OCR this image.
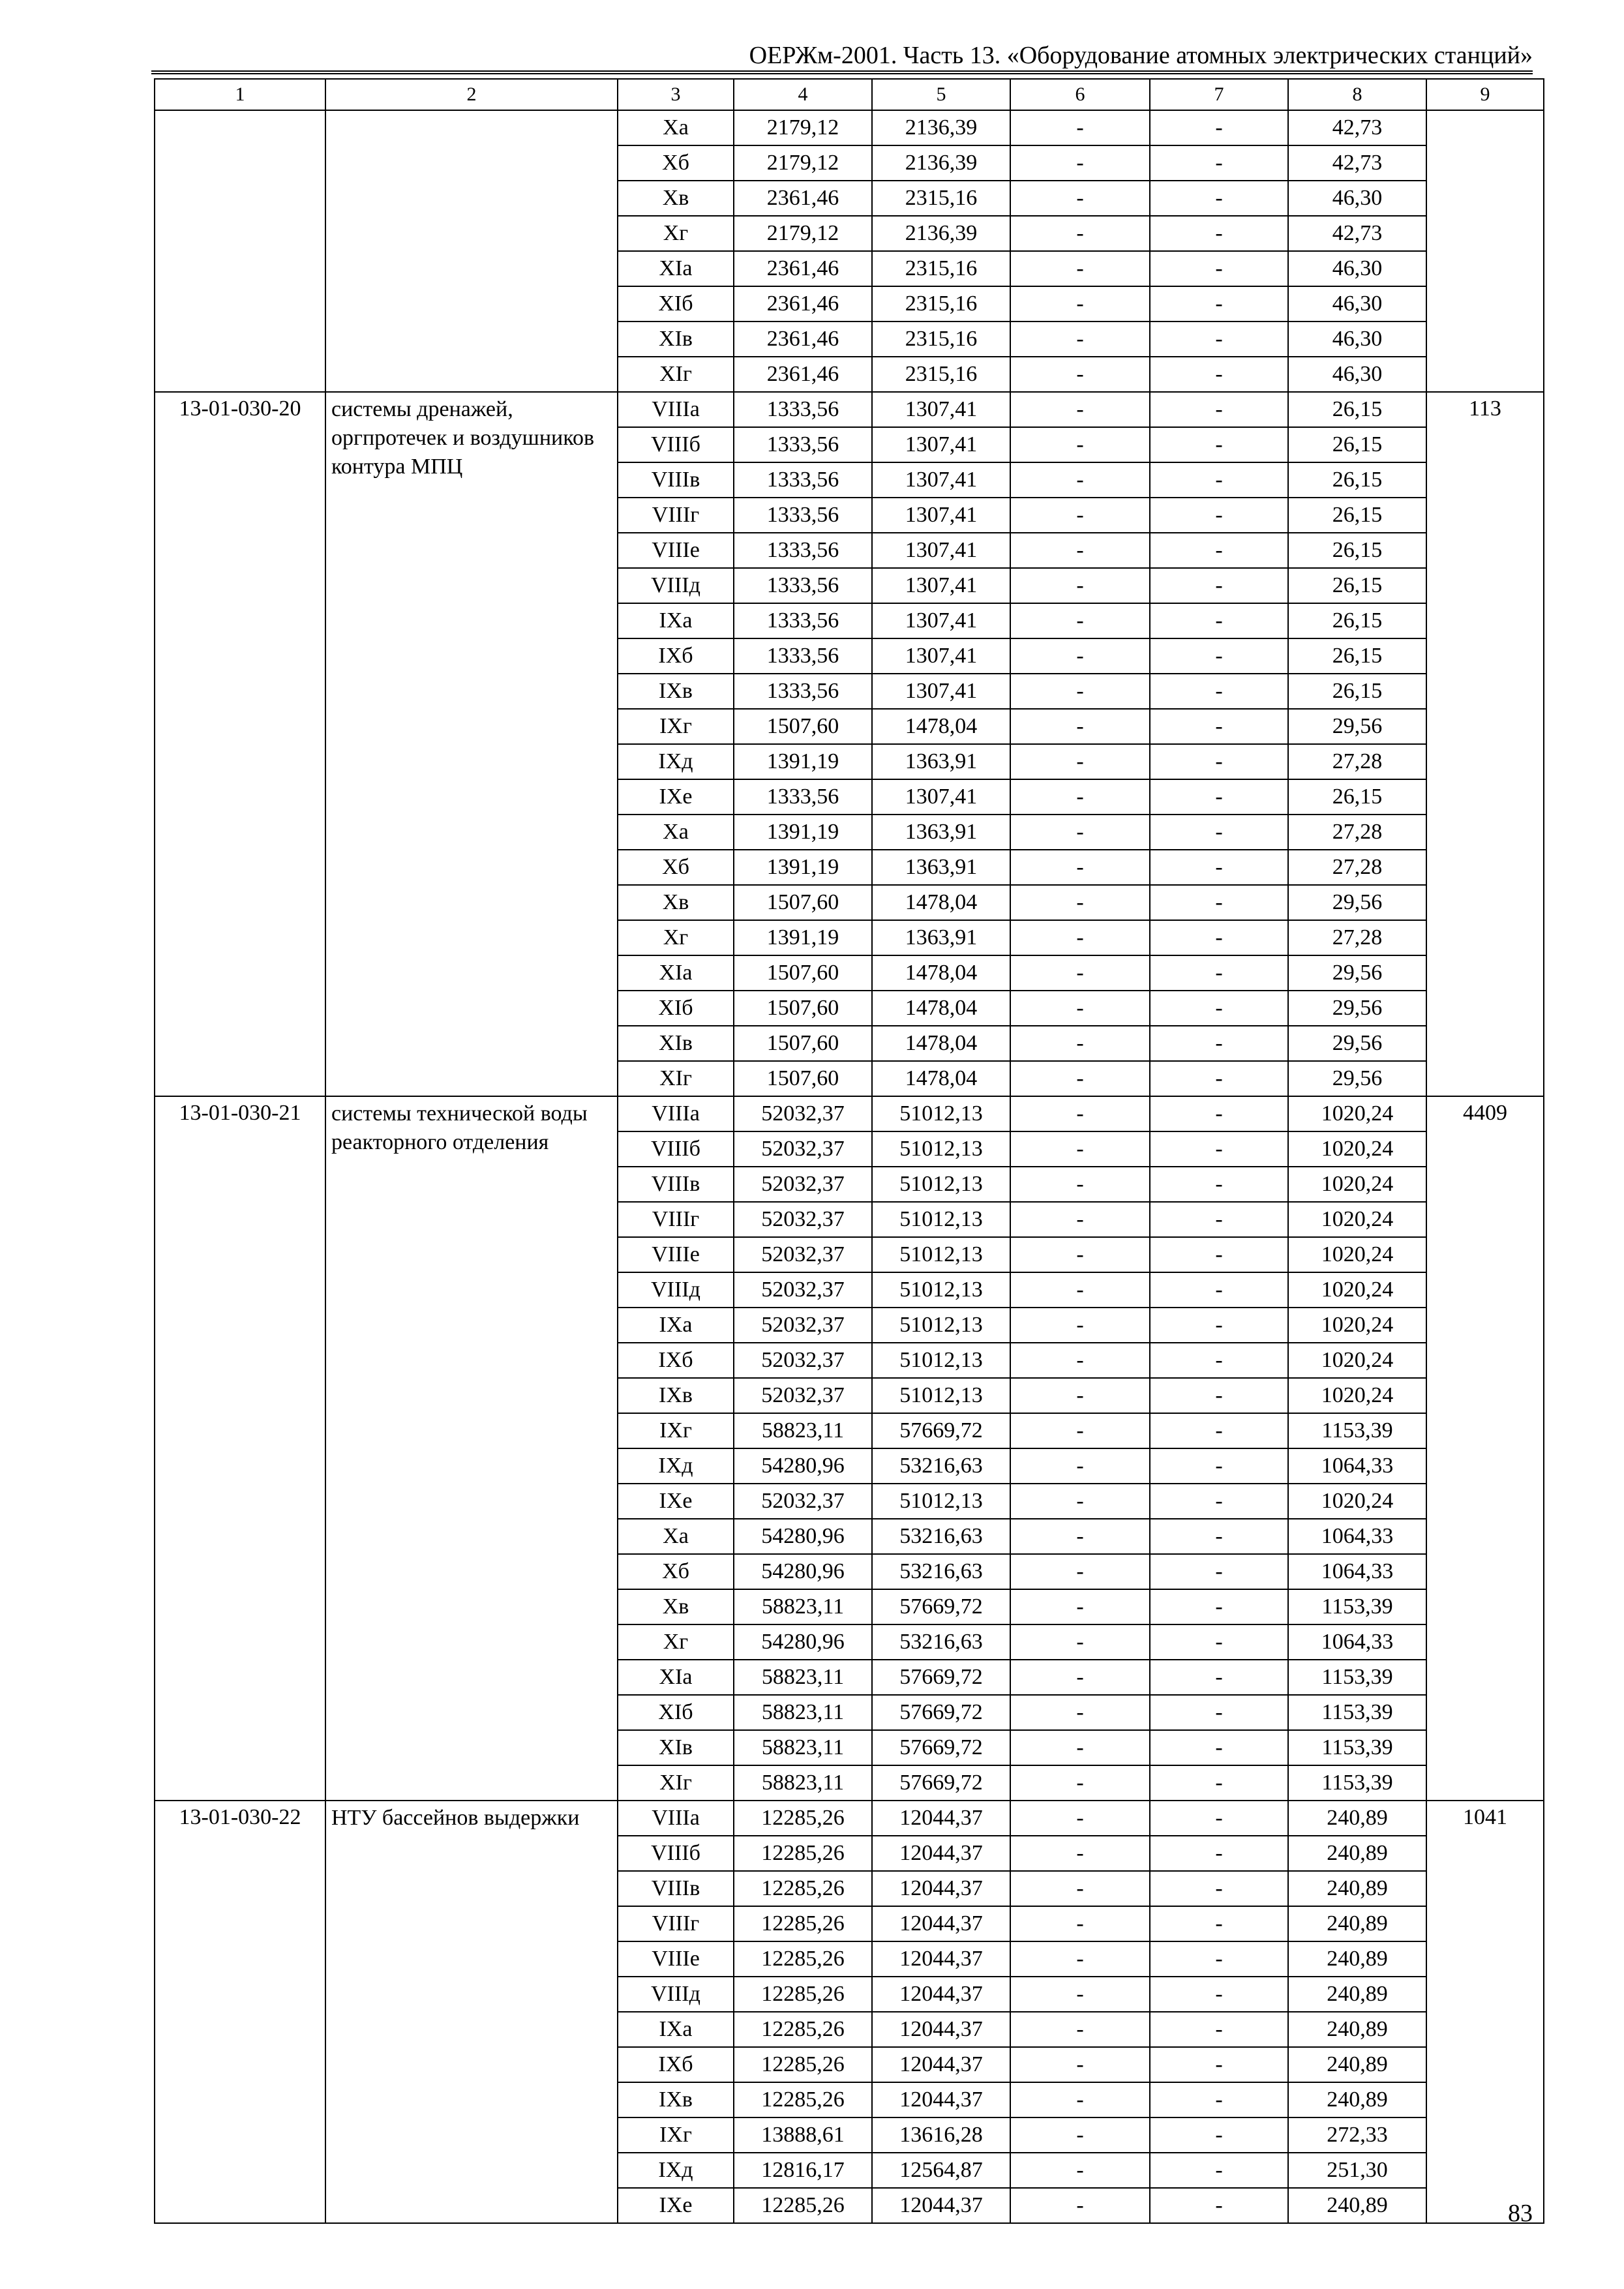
ОЕРЖм-2001. Часть 13. «Оборудование атомных электрических станций»
1	2	3	4	5	6	7	8	9
		Ха	2179,12	2136,39	-	-	42,73	
		Хб	2179,12	2136,39	-	-	42,73	
		Хв	2361,46	2315,16	-	-	46,30	
		Хг	2179,12	2136,39	-	-	42,73	
		ХIа	2361,46	2315,16	-	-	46,30	
		ХIб	2361,46	2315,16	-	-	46,30	
		ХIв	2361,46	2315,16	-	-	46,30	
		ХIг	2361,46	2315,16	-	-	46,30	
13-01-030-20	системы дренажей, оргпротечек и воздушников контура МПЦ	VIIIа	1333,56	1307,41	-	-	26,15	113
		VIIIб	1333,56	1307,41	-	-	26,15	
		VIIIв	1333,56	1307,41	-	-	26,15	
		VIIIг	1333,56	1307,41	-	-	26,15	
		VIIIе	1333,56	1307,41	-	-	26,15	
		VIIIд	1333,56	1307,41	-	-	26,15	
		IХа	1333,56	1307,41	-	-	26,15	
		IХб	1333,56	1307,41	-	-	26,15	
		IХв	1333,56	1307,41	-	-	26,15	
		IХг	1507,60	1478,04	-	-	29,56	
		IХд	1391,19	1363,91	-	-	27,28	
		IХе	1333,56	1307,41	-	-	26,15	
		Ха	1391,19	1363,91	-	-	27,28	
		Хб	1391,19	1363,91	-	-	27,28	
		Хв	1507,60	1478,04	-	-	29,56	
		Хг	1391,19	1363,91	-	-	27,28	
		ХIа	1507,60	1478,04	-	-	29,56	
		ХIб	1507,60	1478,04	-	-	29,56	
		ХIв	1507,60	1478,04	-	-	29,56	
		ХIг	1507,60	1478,04	-	-	29,56	
13-01-030-21	системы технической воды реакторного отделения	VIIIа	52032,37	51012,13	-	-	1020,24	4409
		VIIIб	52032,37	51012,13	-	-	1020,24	
		VIIIв	52032,37	51012,13	-	-	1020,24	
		VIIIг	52032,37	51012,13	-	-	1020,24	
		VIIIе	52032,37	51012,13	-	-	1020,24	
		VIIIд	52032,37	51012,13	-	-	1020,24	
		IХа	52032,37	51012,13	-	-	1020,24	
		IХб	52032,37	51012,13	-	-	1020,24	
		IХв	52032,37	51012,13	-	-	1020,24	
		IХг	58823,11	57669,72	-	-	1153,39	
		IХд	54280,96	53216,63	-	-	1064,33	
		IХе	52032,37	51012,13	-	-	1020,24	
		Ха	54280,96	53216,63	-	-	1064,33	
		Хб	54280,96	53216,63	-	-	1064,33	
		Хв	58823,11	57669,72	-	-	1153,39	
		Хг	54280,96	53216,63	-	-	1064,33	
		ХIа	58823,11	57669,72	-	-	1153,39	
		ХIб	58823,11	57669,72	-	-	1153,39	
		ХIв	58823,11	57669,72	-	-	1153,39	
		ХIг	58823,11	57669,72	-	-	1153,39	
13-01-030-22	НТУ бассейнов выдержки	VIIIа	12285,26	12044,37	-	-	240,89	1041
		VIIIб	12285,26	12044,37	-	-	240,89	
		VIIIв	12285,26	12044,37	-	-	240,89	
		VIIIг	12285,26	12044,37	-	-	240,89	
		VIIIе	12285,26	12044,37	-	-	240,89	
		VIIIд	12285,26	12044,37	-	-	240,89	
		IХа	12285,26	12044,37	-	-	240,89	
		IХб	12285,26	12044,37	-	-	240,89	
		IХв	12285,26	12044,37	-	-	240,89	
		IХг	13888,61	13616,28	-	-	272,33	
		IХд	12816,17	12564,87	-	-	251,30	
		IХе	12285,26	12044,37	-	-	240,89		83
